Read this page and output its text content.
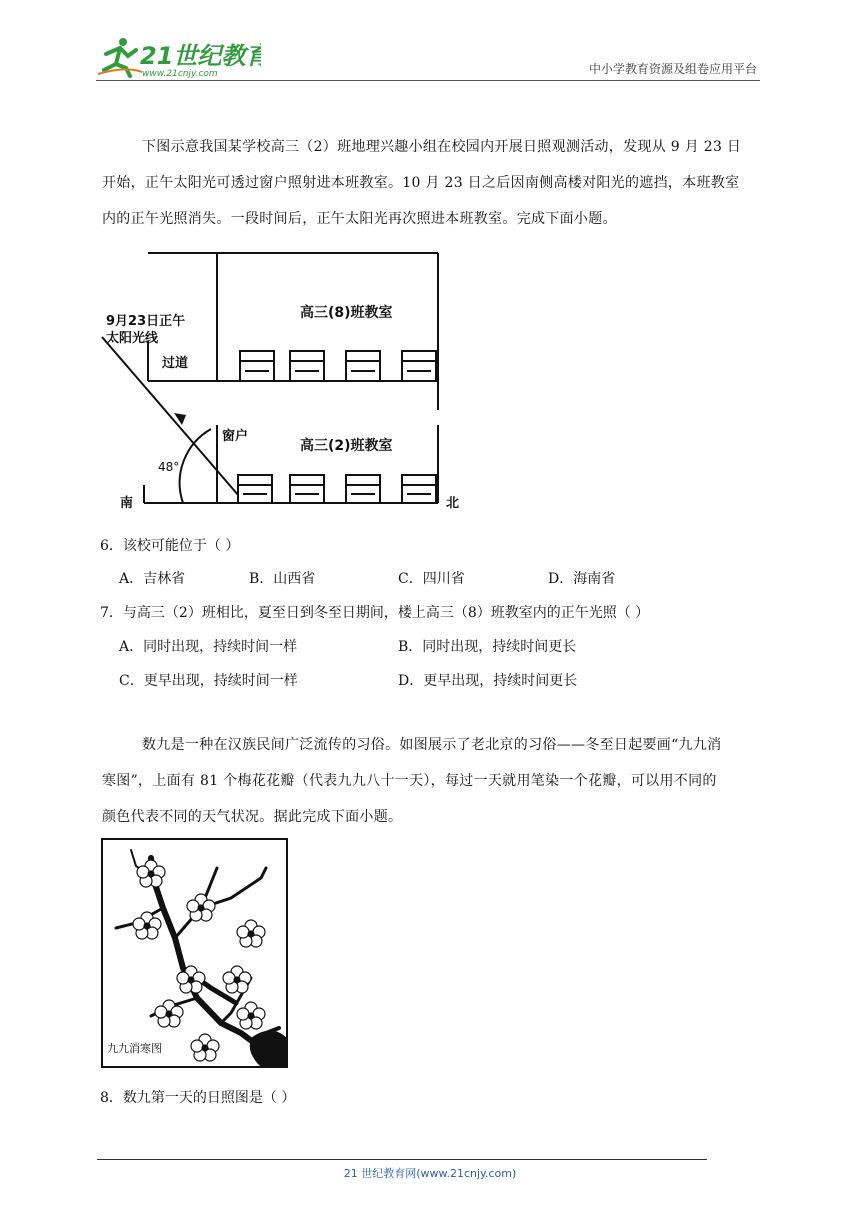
21世纪教育
www.21cnjy.com	中小学教育资源及组卷应用平台
下图示意我国某学校高三（2）班地理兴趣小组在校园内开展日照观测活动，发现从 9 月 23 日
开始，正午太阳光可透过窗户照射进本班教室。10 月 23 日之后因南侧高楼对阳光的遮挡，本班教室
内的正午光照消失。一段时间后，正午太阳光再次照进本班教室。完成下面小题。
高三(8)班教室
高三(2)班教室
9月23日正午
太阳光线
过道
窗户
48°
南	北
6．该校可能位于（ ）
A．吉林省	B．山西省	C．四川省	D．海南省
7．与高三（2）班相比，夏至日到冬至日期间，楼上高三（8）班教室内的正午光照（ ）
A．同时出现，持续时间一样	B．同时出现，持续时间更长
C．更早出现，持续时间一样	D．更早出现，持续时间更长
数九是一种在汉族民间广泛流传的习俗。如图展示了老北京的习俗——冬至日起要画“九九消
寒图”，上面有 81 个梅花花瓣（代表九九八十一天），每过一天就用笔染一个花瓣，可以用不同的
颜色代表不同的天气状况。据此完成下面小题。
九九消寒图
8．数九第一天的日照图是（ ）
21 世纪教育网(www.21cnjy.com)
